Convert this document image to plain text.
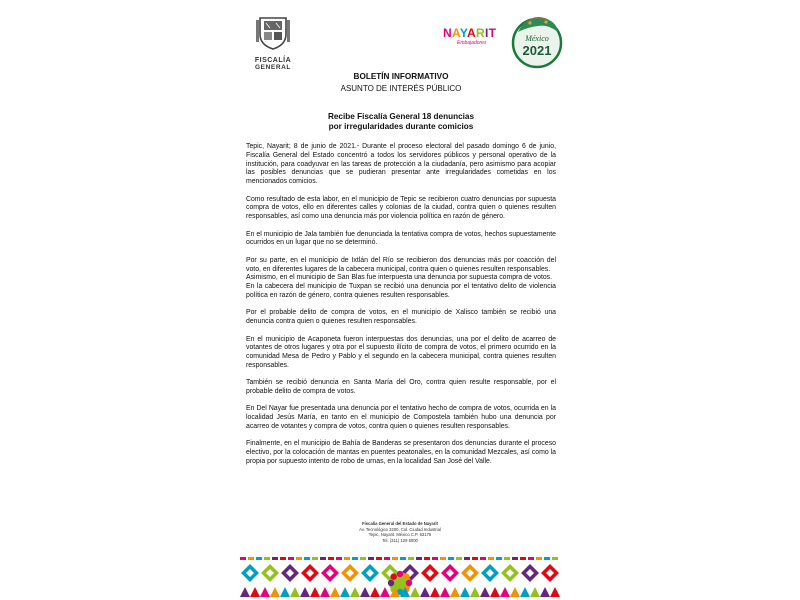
FISCALÍA
GENERAL
NAYARIT
Embajadores	México
2021
BOLETÍN INFORMATIVO
ASUNTO DE INTERÉS PÚBLICO
Recibe Fiscalía General 18 denuncias
por irregularidades durante comicios

Tepic, Nayarit; 8 de junio de 2021.- Durante el proceso electoral del pasado domingo 6 de junio, Fiscalía General del Estado concentró a todos los servidores públicos y personal operativo de la institución, para coadyuvar en las tareas de protección a la ciudadanía, pero asimismo para acopiar las posibles denuncias que se pudieran presentar ante irregularidades cometidas en los mencionados comicios.

Como resultado de esta labor, en el municipio de Tepic se recibieron cuatro denuncias por supuesta compra de votos, ello en diferentes calles y colonias de la ciudad, contra quien o quienes resulten responsables, así como una denuncia más por violencia política en razón de género.

En el municipio de Jala también fue denunciada la tentativa compra de votos, hechos supuestamente ocurridos en un lugar que no se determinó.

Por su parte, en el municipio de Ixtlán del Río se recibieron dos denuncias más por coacción del voto, en diferentes lugares de la cabecera municipal, contra quien o quienes resulten responsables.

Asimismo, en el municipio de San Blas fue interpuesta una denuncia por supuesta compra de votos.

En la cabecera del municipio de Tuxpan se recibió una denuncia por el tentativo delito de violencia política en razón de género, contra quienes resulten responsables.

Por el probable delito de compra de votos, en el municipio de Xalisco también se recibió una denuncia contra quien o quienes resulten responsables.

En el municipio de Acaponeta fueron interpuestas dos denuncias, una por el delito de acarreo de votantes de otros lugares y otra por el supuesto ilícito de compra de votos, el primero ocurrido en la comunidad Mesa de Pedro y Pablo y el segundo en la cabecera municipal, contra quienes resulten responsables.

También se recibió denuncia en Santa María del Oro, contra quien resulte responsable, por el probable delito de compra de votos.

En Del Nayar fue presentada una denuncia por el tentativo hecho de compra de votos, ocurrida en la localidad Jesús María, en tanto en el municipio de Compostela también hubo una denuncia por acarreo de votantes y compra de votos, contra quien o quienes resulten responsables.

Finalmente, en el municipio de Bahía de Banderas se presentaron dos denuncias durante el proceso electivo, por la colocación de mantas en puentes peatonales, en la comunidad Mezcales, así como la propia por supuesto intento de robo de urnas, en la localidad San José del Valle.

· · · · ·
Fiscalía General del Estado de Nayarit
Av. Tecnológico 3200, Col. Ciudad Industrial
Tepic, Nayarit. México C.P. 63175
Tel. (311) 129 6000
